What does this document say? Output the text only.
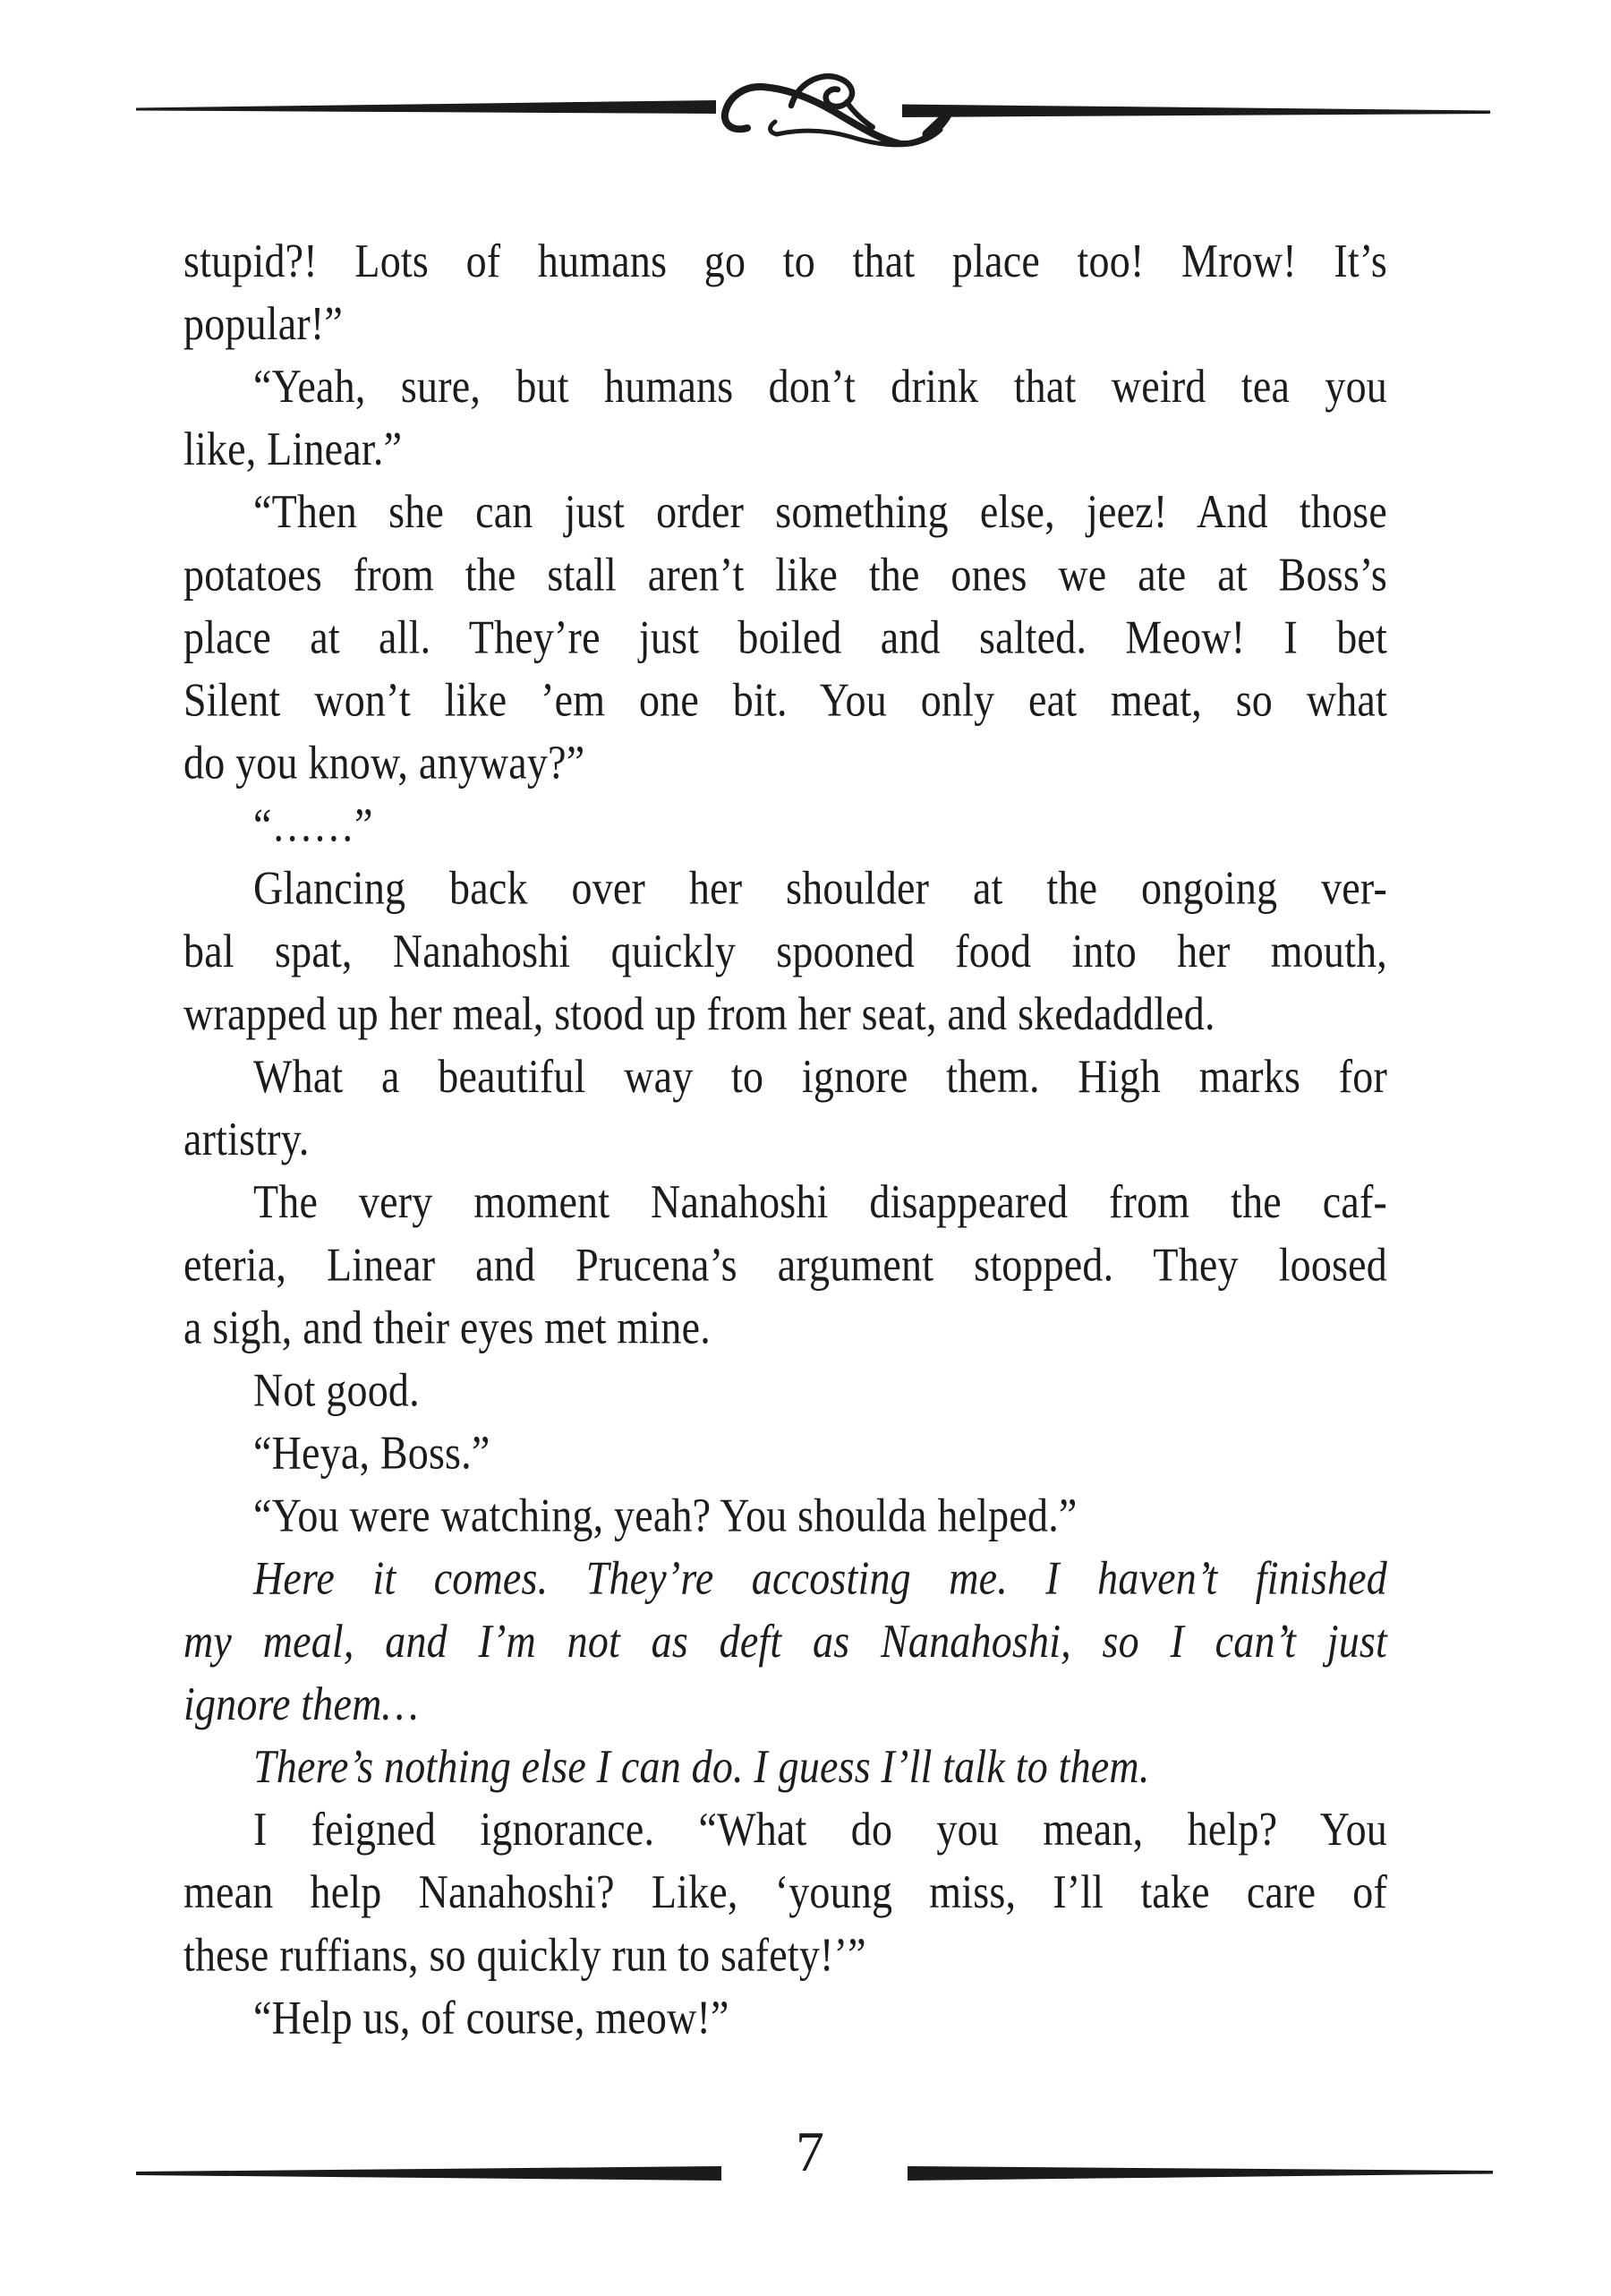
stupid?! Lots of humans go to that place too! Mrow! It’s
popular!”

“Yeah, sure, but humans don’t drink that weird tea you
like, Linear.”

“Then she can just order something else, jeez! And those
potatoes from the stall aren’t like the ones we ate at Boss’s
place at all. They’re just boiled and salted. Meow! I bet
Silent won’t like ’em one bit. You only eat meat, so what
do you know, anyway?”

“……”

Glancing back over her shoulder at the ongoing ver-
bal spat, Nanahoshi quickly spooned food into her mouth,
wrapped up her meal, stood up from her seat, and skedaddled.

What a beautiful way to ignore them. High marks for
artistry.

The very moment Nanahoshi disappeared from the caf-
eteria, Linear and Prucena’s argument stopped. They loosed
a sigh, and their eyes met mine.

Not good.

“Heya, Boss.”

“You were watching, yeah? You shoulda helped.”

Here it comes. They’re accosting me. I haven’t finished
my meal, and I’m not as deft as Nanahoshi, so I can’t just
ignore them…

There’s nothing else I can do. I guess I’ll talk to them.

I feigned ignorance. “What do you mean, help? You
mean help Nanahoshi? Like, ‘young miss, I’ll take care of
these ruffians, so quickly run to safety!’”

“Help us, of course, meow!”

7
